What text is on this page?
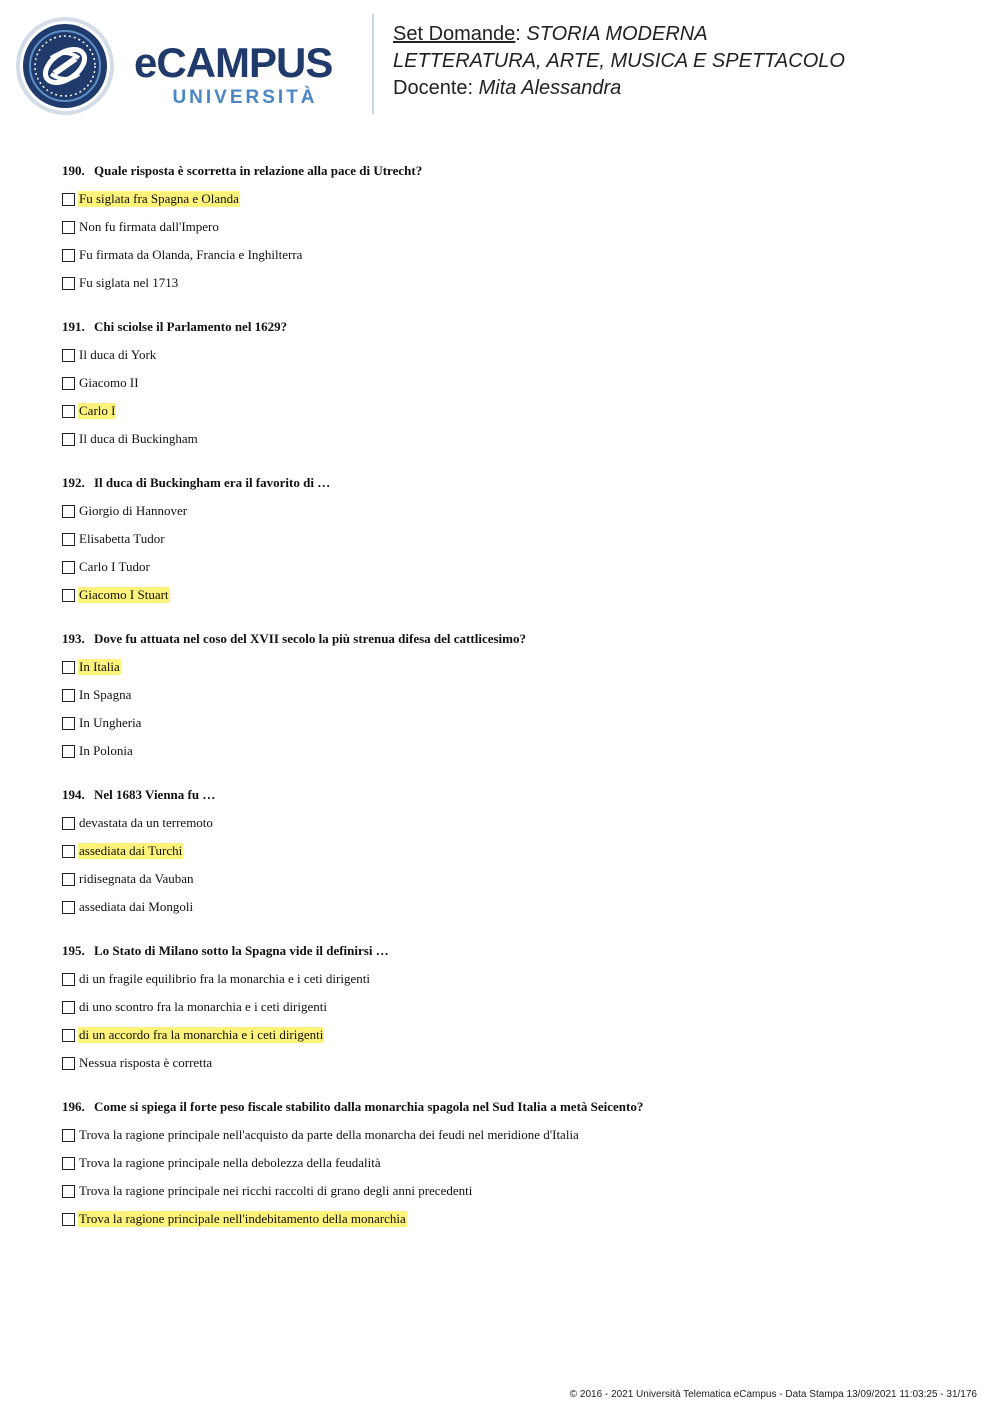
eCAMPUS
UNIVERSITÀ
Set Domande: STORIA MODERNA
LETTERATURA, ARTE, MUSICA E SPETTACOLO
Docente: Mita Alessandra
190. Quale risposta è scorretta in relazione alla pace di Utrecht?
Fu siglata fra Spagna e Olanda
Non fu firmata dall'Impero
Fu firmata da Olanda, Francia e Inghilterra
Fu siglata nel 1713
191. Chi sciolse il Parlamento nel 1629?
Il duca di York
Giacomo II
Carlo I
Il duca di Buckingham
192. Il duca di Buckingham era il favorito di …
Giorgio di Hannover
Elisabetta Tudor
Carlo I Tudor
Giacomo I Stuart
193. Dove fu attuata nel coso del XVII secolo la più strenua difesa del cattlicesimo?
In Italia
In Spagna
In Ungheria
In Polonia
194. Nel 1683 Vienna fu …
devastata da un terremoto
assediata dai Turchi
ridisegnata da Vauban
assediata dai Mongoli
195. Lo Stato di Milano sotto la Spagna vide il definirsi …
di un fragile equilibrio fra la monarchia e i ceti dirigenti
di uno scontro fra la monarchia e i ceti dirigenti
di un accordo fra la monarchia e i ceti dirigenti
Nessua risposta è corretta
196. Come si spiega il forte peso fiscale stabilito dalla monarchia spagola nel Sud Italia a metà Seicento?
Trova la ragione principale nell'acquisto da parte della monarcha dei feudi nel meridione d'Italia
Trova la ragione principale nella debolezza della feudalità
Trova la ragione principale nei ricchi raccolti di grano degli anni precedenti
Trova la ragione principale nell'indebitamento della monarchia
© 2016 - 2021 Università Telematica eCampus - Data Stampa 13/09/2021 11:03:25 - 31/176
